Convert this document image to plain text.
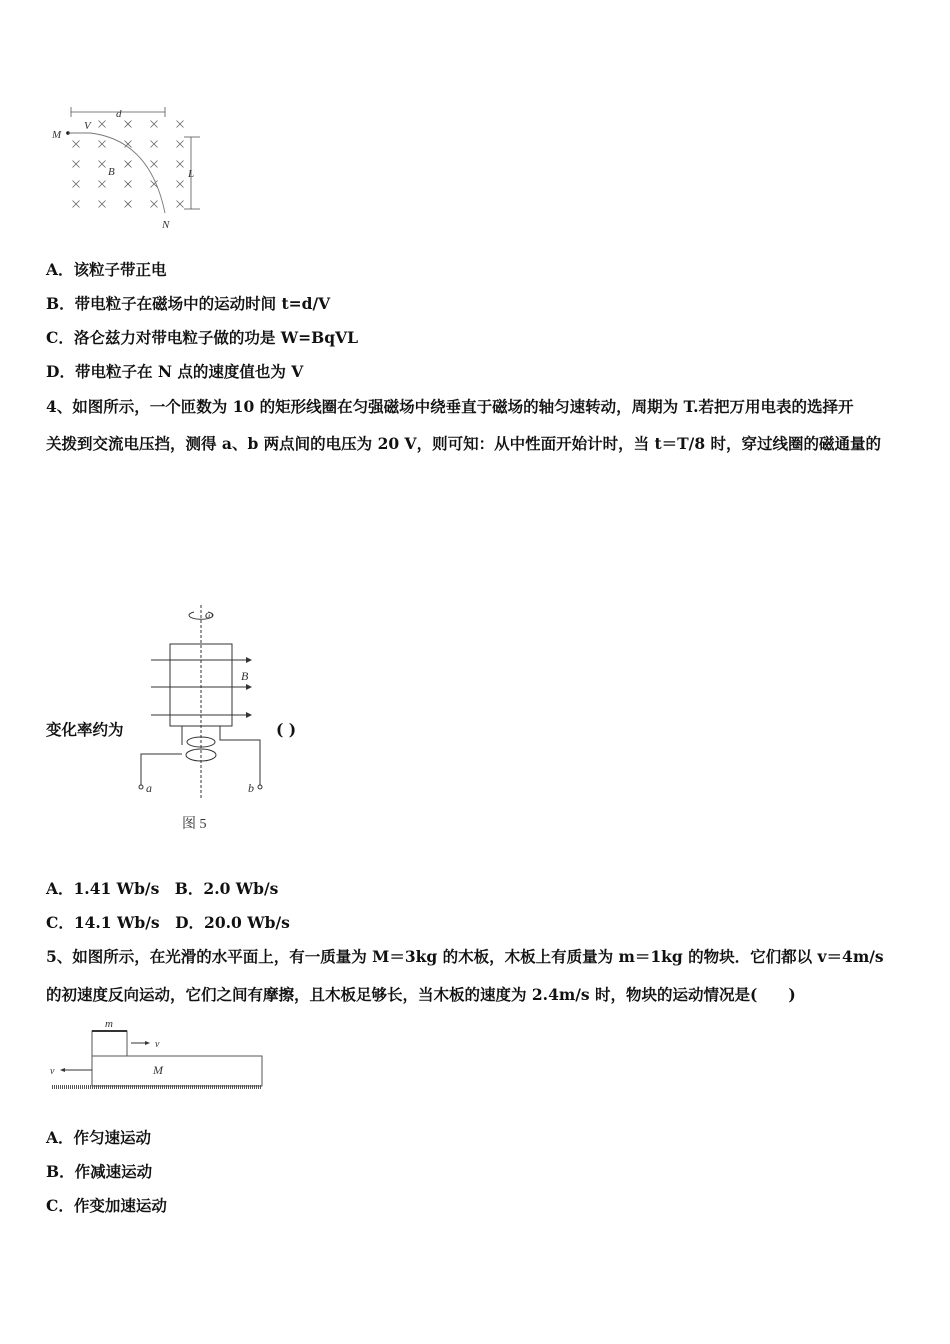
d
M
V
B	L
N
A．该粒子带正电
B．带电粒子在磁场中的运动时间 t=d/V
C．洛仑兹力对带电粒子做的功是 W=BqVL
D．带电粒子在 N 点的速度值也为 V
4、如图所示，一个匝数为 10 的矩形线圈在匀强磁场中绕垂直于磁场的轴匀速转动，周期为 T.若把万用电表的选择开
关拨到交流电压挡，测得 a、b 两点间的电压为 20 V，则可知：从中性面开始计时，当 t＝T/8 时，穿过线圈的磁通量的
变化率约为	( )
ω
B
a	b
图 5
A．1.41 Wb/s　B．2.0 Wb/s
C．14.1 Wb/s　D．20.0 Wb/s
5、如图所示，在光滑的水平面上，有一质量为 M＝3kg 的木板，木板上有质量为 m＝1kg 的物块．它们都以 v＝4m/s
的初速度反向运动，它们之间有摩擦，且木板足够长，当木板的速度为 2.4m/s 时，物块的运动情况是(　　)
m
v
v	M
A．作匀速运动
B．作减速运动
C．作变加速运动
